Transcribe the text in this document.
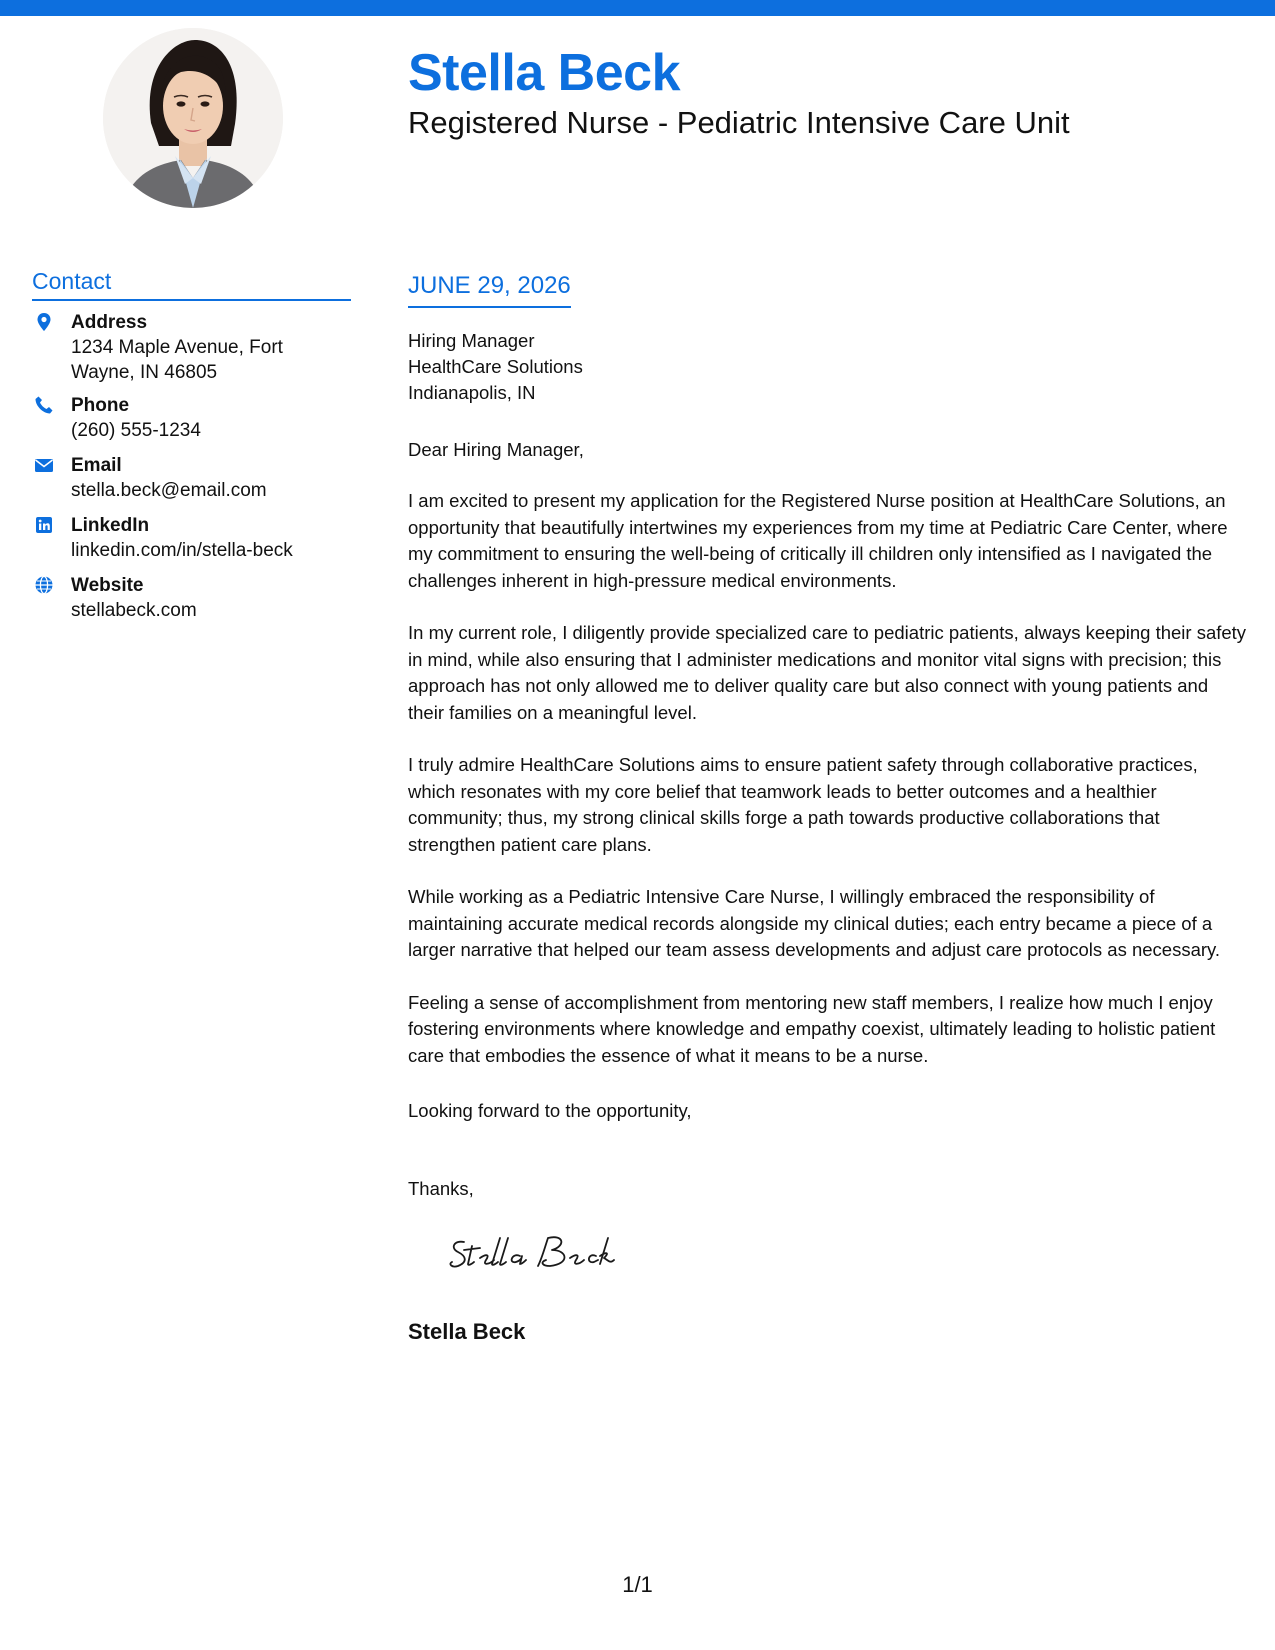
Stella Beck
Registered Nurse - Pediatric Intensive Care Unit
Contact
Address
1234 Maple Avenue, Fort Wayne, IN 46805
Phone
(260) 555-1234
Email
stella.beck@email.com
LinkedIn
linkedin.com/in/stella-beck
Website
stellabeck.com
JUNE 29, 2026
Hiring Manager
HealthCare Solutions
Indianapolis, IN

Dear Hiring Manager,

I am excited to present my application for the Registered Nurse position at HealthCare Solutions, an opportunity that beautifully intertwines my experiences from my time at Pediatric Care Center, where my commitment to ensuring the well-being of critically ill children only intensified as I navigated the challenges inherent in high-pressure medical environments.

In my current role, I diligently provide specialized care to pediatric patients, always keeping their safety in mind, while also ensuring that I administer medications and monitor vital signs with precision; this approach has not only allowed me to deliver quality care but also connect with young patients and their families on a meaningful level.

I truly admire HealthCare Solutions aims to ensure patient safety through collaborative practices, which resonates with my core belief that teamwork leads to better outcomes and a healthier community; thus, my strong clinical skills forge a path towards productive collaborations that strengthen patient care plans.

While working as a Pediatric Intensive Care Nurse, I willingly embraced the responsibility of maintaining accurate medical records alongside my clinical duties; each entry became a piece of a larger narrative that helped our team assess developments and adjust care protocols as necessary.

Feeling a sense of accomplishment from mentoring new staff members, I realize how much I enjoy fostering environments where knowledge and empathy coexist, ultimately leading to holistic patient care that embodies the essence of what it means to be a nurse.

Looking forward to the opportunity,

Thanks,

Stella Beck

1/1
